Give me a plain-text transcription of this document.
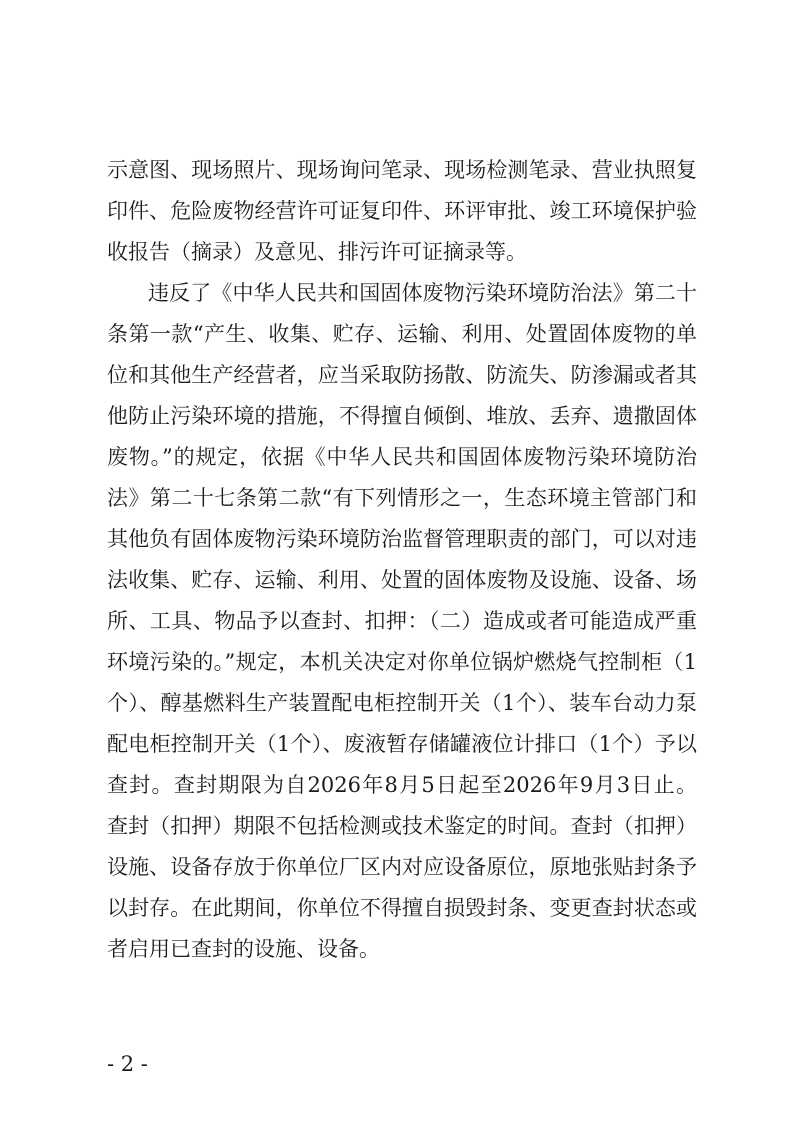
示意图、现场照片、现场询问笔录、现场检测笔录、营业执照复
印件、危险废物经营许可证复印件、环评审批、竣工环境保护验
收报告（摘录）及意见、排污许可证摘录等。
违反了《中华人民共和国固体废物污染环境防治法》第二十
条第一款“产生、收集、贮存、运输、利用、处置固体废物的单
位和其他生产经营者，应当采取防扬散、防流失、防渗漏或者其
他防止污染环境的措施，不得擅自倾倒、堆放、丢弃、遗撒固体
废物。”的规定，依据《中华人民共和国固体废物污染环境防治
法》第二十七条第二款“有下列情形之一，生态环境主管部门和
其他负有固体废物污染环境防治监督管理职责的部门，可以对违
法收集、贮存、运输、利用、处置的固体废物及设施、设备、场
所、工具、物品予以查封、扣押：（二）造成或者可能造成严重
环境污染的。”规定，本机关决定对你单位锅炉燃烧气控制柜（1
个）、醇基燃料生产装置配电柜控制开关（1个）、装车台动力泵
配电柜控制开关（1个）、废液暂存储罐液位计排口（1个）予以
查封。查封期限为自2026年8月5日起至2026年9月3日止。
查封（扣押）期限不包括检测或技术鉴定的时间。查封（扣押）
设施、设备存放于你单位厂区内对应设备原位，原地张贴封条予
以封存。在此期间，你单位不得擅自损毁封条、变更查封状态或
者启用已查封的设施、设备。
- 2 -
